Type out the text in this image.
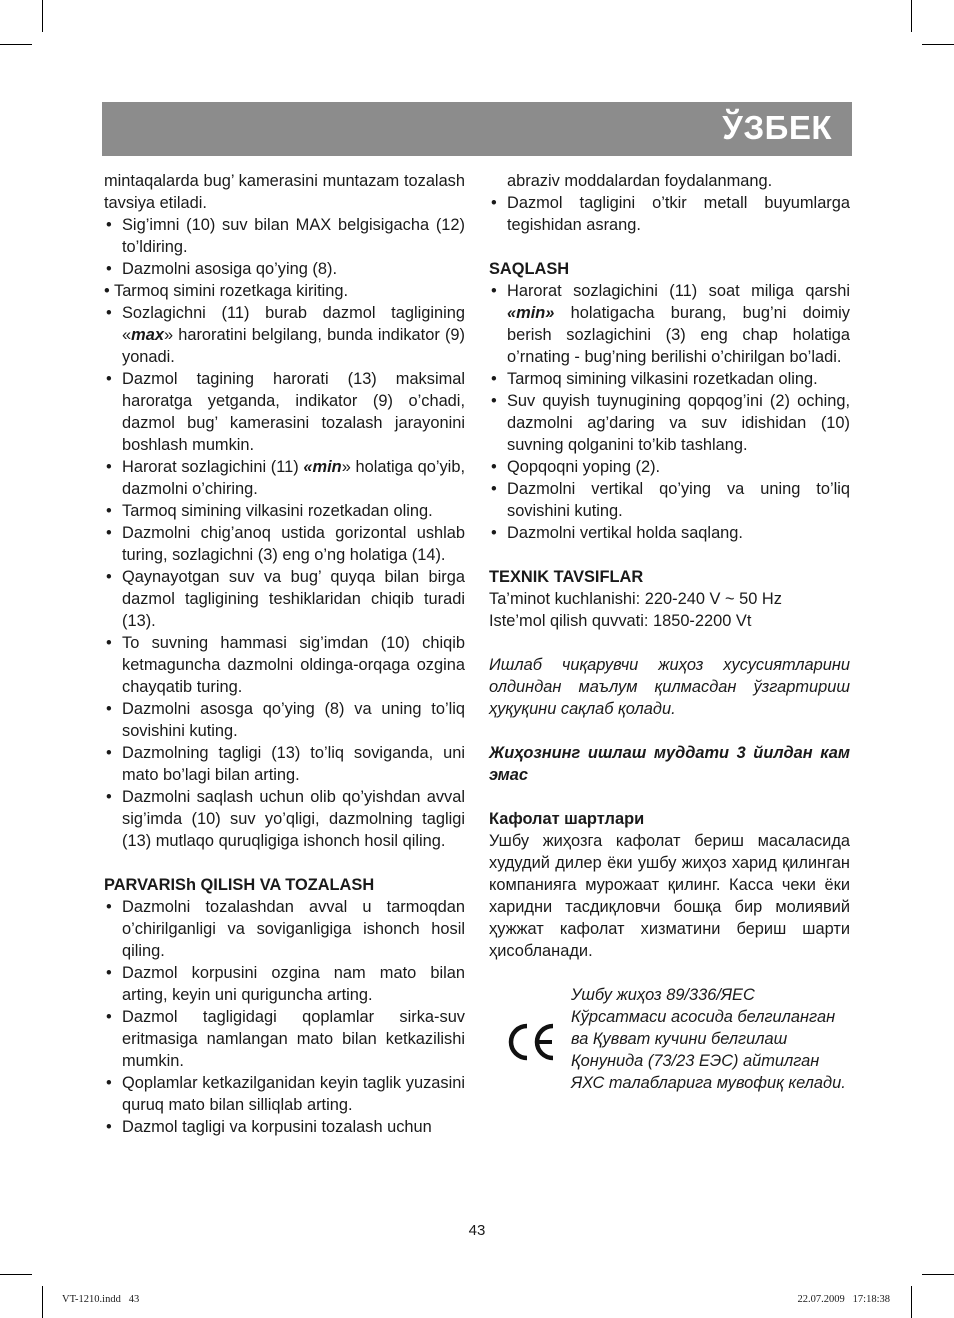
ЎЗБЕК

mintaqalarda bug’ kamerasini muntazam tozalash tavsiya etiladi.

• Sig’imni (10) suv bilan MAX belgisigacha (12) to’ldiring.

• Dazmolni asosiga qo’ying (8).

• Tarmoq simini rozetkaga kiriting.

• Sozlagichni (11) burab dazmol tagligining «max» haroratini belgilang, bunda indikator (9) yonadi.

• Dazmol tagining harorati (13) maksimal haroratga yetganda, indikator (9) o’chadi, dazmol bug’ kamerasini tozalash jarayonini boshlash mumkin.

• Harorat sozlagichini (11) «min» holatiga qo’yib, dazmolni o’chiring.

• Tarmoq simining vilkasini rozetkadan oling.

• Dazmolni chig’anoq ustida gorizontal ushlab turing, sozlagichni (3) eng o’ng holatiga (14).

• Qaynayotgan suv va bug’ quyqa bilan birga dazmol tagligining teshiklaridan chiqib turadi (13).

• To suvning hammasi sig’imdan (10) chiqib ketmaguncha dazmolni oldinga-orqaga ozgina chayqatib turing.

• Dazmolni asosga qo’ying (8) va uning to’liq sovishini kuting.

• Dazmolning tagligi (13) to’liq soviganda, uni mato bo’lagi bilan arting.

• Dazmolni saqlash uchun olib qo’yishdan avval sig’imda (10) suv yo’qligi, dazmolning tagligi (13) mutlaqo quruqligiga ishonch hosil qiling.

PARVARISh QILISH VA TOZALASH

• Dazmolni tozalashdan avval u tarmoqdan o’chirilganligi va soviganligiga ishonch hosil qiling.

• Dazmol korpusini ozgina nam mato bilan arting, keyin uni quriguncha arting.

• Dazmol tagligidagi qoplamlar sirka-suv eritmasiga namlangan mato bilan ketkazilishi mumkin.

• Qoplamlar ketkazilganidan keyin taglik yuzasini quruq mato bilan silliqlab arting.

• Dazmol tagligi va korpusini tozalash uchun

abraziv moddalardan foydalanmang.

• Dazmol tagligini o’tkir metall buyumlarga tegishidan asrang.

SAQLASH

• Harorat sozlagichini (11) soat miliga qarshi «min» holatigacha burang, bug’ni doimiy berish sozlagichini (3) eng chap holatiga o’rnating - bug’ning berilishi o’chirilgan bo’ladi.

• Tarmoq simining vilkasini rozetkadan oling.

• Suv quyish tuynugining qopqog’ini (2) oching, dazmolni ag’daring va suv idishidan (10) suvning qolganini to’kib tashlang.

• Qopqoqni yoping (2).

• Dazmolni vertikal qo’ying va uning to’liq sovishini kuting.

• Dazmolni vertikal holda saqlang.

TEXNIK TAVSIFLAR

Ta’minot kuchlanishi: 220-240 V ~ 50 Hz

Iste’mol qilish quvvati: 1850-2200 Vt

Ишлаб чиқарувчи жиҳоз хусусиятларини олдиндан маълум қилмасдан ўзгартириш ҳуқуқини сақлаб қолади.

Жиҳознинг ишлаш муддати 3 йилдан кам эмас

Кафолат шартлари

Ушбу жиҳозга кафолат бериш масаласида худудий дилер ёки ушбу жиҳоз харид қилинган компанияга мурожаат қилинг. Касса чеки ёки харидни тасдиқловчи бошқа бир молиявий ҳужжат кафолат хизматини бериш шарти ҳисобланади.

Ушбу жиҳоз 89/336/ЯЕС Кўрсатмаси асосида белгиланган ва Қувват кучини белгилаш Қонунида (73/23 ЕЭС) айтилган ЯХС талабларига мувофиқ келади.
43
VT-1210.indd   43	22.07.2009   17:18:38
